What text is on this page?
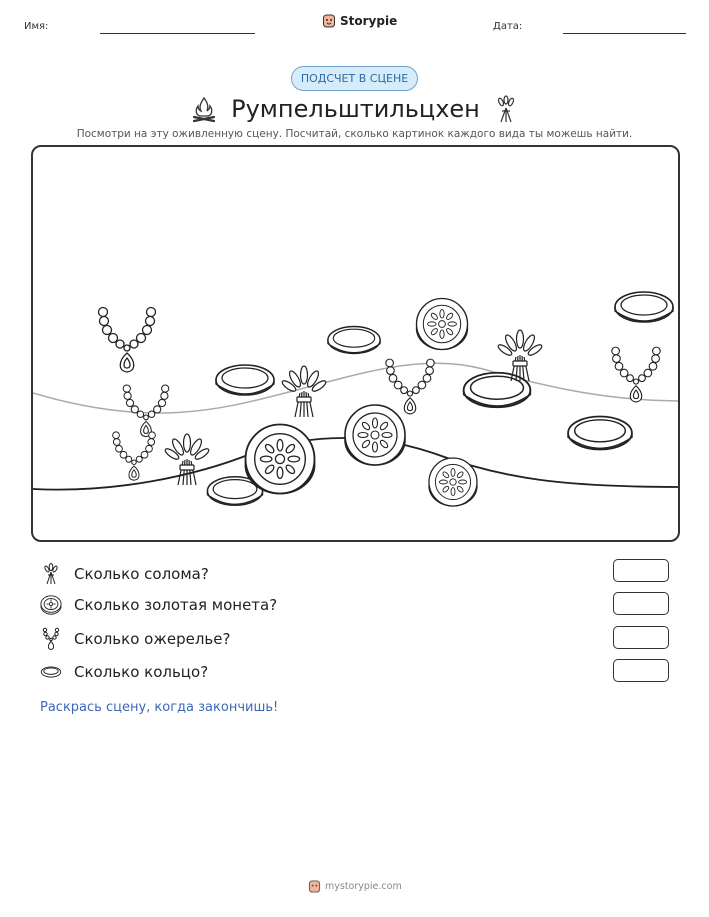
Имя:	Storypie	Дата:
ПОДСЧЕТ В СЦЕНЕ
Румпельштильцхен
Посмотри на эту оживленную сцену. Посчитай, сколько картинок каждого вида ты можешь найти.
Сколько солома?
Сколько золотая монета?
Сколько ожерелье?
Сколько кольцо?
Раскрась сцену, когда закончишь!
mystorypie.com
